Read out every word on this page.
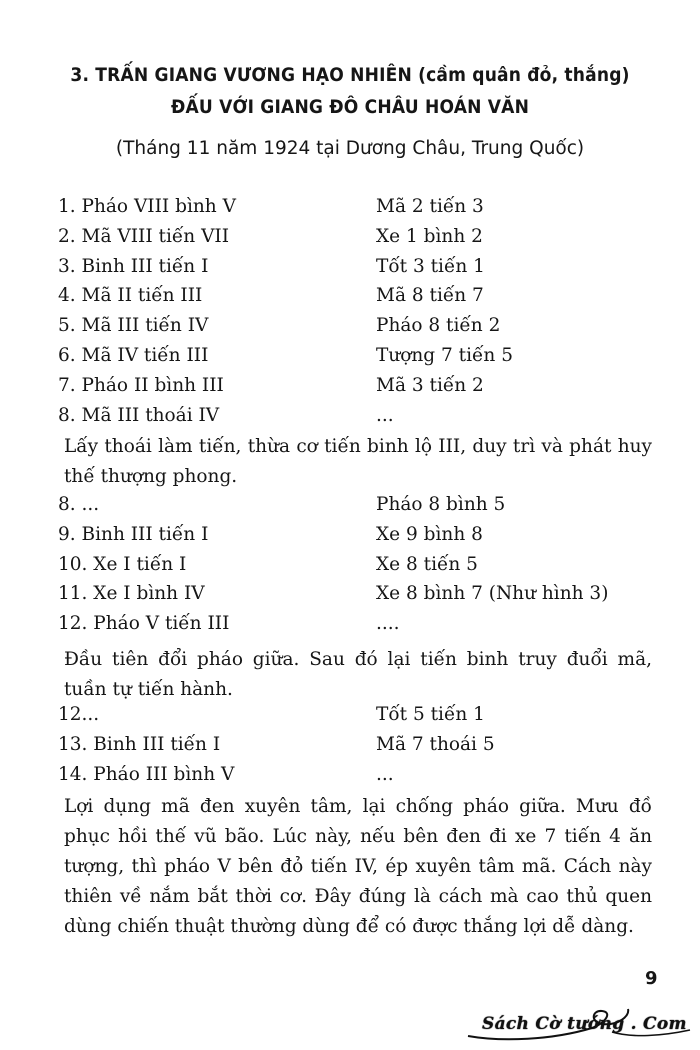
3. TRẤN GIANG VƯƠNG HẠO NHIÊN (cầm quân đỏ, thắng)
ĐẤU VỚI GIANG ĐÔ CHÂU HOÁN VĂN
(Tháng 11 năm 1924 tại Dương Châu, Trung Quốc)
1. Pháo VIII bình V	Mã 2 tiến 3
2. Mã VIII tiến VII	Xe 1 bình 2
3. Binh III tiến I	Tốt 3 tiến 1
4. Mã II tiến III	Mã 8 tiến 7
5. Mã III tiến IV	Pháo 8 tiến 2
6. Mã IV tiến III	Tượng 7 tiến 5
7. Pháo II bình III	Mã 3 tiến 2
8. Mã III thoái IV	...

Lấy thoái làm tiến, thừa cơ tiến binh lộ III, duy trì và phát huy thế thượng phong.

8. ...	Pháo 8 bình 5
9. Binh III tiến I	Xe 9 bình 8
10. Xe I tiến I	Xe 8 tiến 5
11. Xe I bình IV	Xe 8 bình 7 (Như hình 3)
12. Pháo V tiến III	....

Đầu tiên đổi pháo giữa. Sau đó lại tiến binh truy đuổi mã, tuần tự tiến hành.

12...	Tốt 5 tiến 1
13. Binh III tiến I	Mã 7 thoái 5
14. Pháo III bình V	...

Lợi dụng mã đen xuyên tâm, lại chống pháo giữa. Mưu đồ phục hồi thế vũ bão. Lúc này, nếu bên đen đi xe 7 tiến 4 ăn tượng, thì pháo V bên đỏ tiến IV, ép xuyên tâm mã. Cách này thiên về nắm bắt thời cơ. Đây đúng là cách mà cao thủ quen dùng chiến thuật thường dùng để có được thắng lợi dễ dàng.

9
Sách Cờ tướng . Com
